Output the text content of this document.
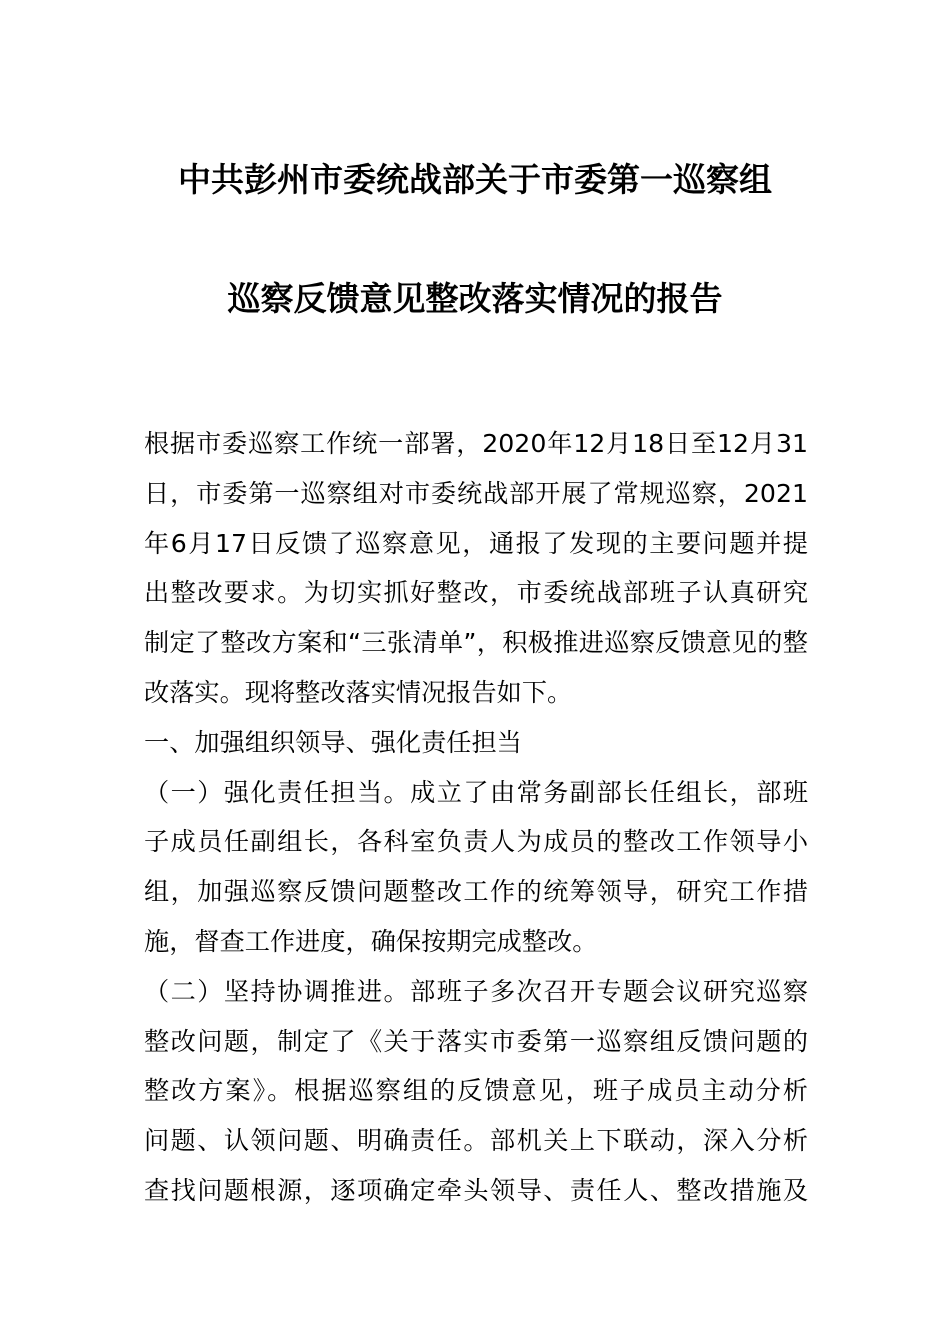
中共彭州市委统战部关于市委第一巡察组
巡察反馈意见整改落实情况的报告

根据市委巡察工作统一部署，2020年12月18日至12月31

日，市委第一巡察组对市委统战部开展了常规巡察，2021

年6月17日反馈了巡察意见，通报了发现的主要问题并提

出整改要求。为切实抓好整改，市委统战部班子认真研究

制定了整改方案和“三张清单”，积极推进巡察反馈意见的整

改落实。现将整改落实情况报告如下。

一、加强组织领导、强化责任担当

（一）强化责任担当。成立了由常务副部长任组长，部班

子成员任副组长，各科室负责人为成员的整改工作领导小

组，加强巡察反馈问题整改工作的统筹领导，研究工作措

施，督查工作进度，确保按期完成整改。

（二）坚持协调推进。部班子多次召开专题会议研究巡察

整改问题，制定了《关于落实市委第一巡察组反馈问题的

整改方案》。根据巡察组的反馈意见，班子成员主动分析

问题、认领问题、明确责任。部机关上下联动，深入分析

查找问题根源，逐项确定牵头领导、责任人、整改措施及
